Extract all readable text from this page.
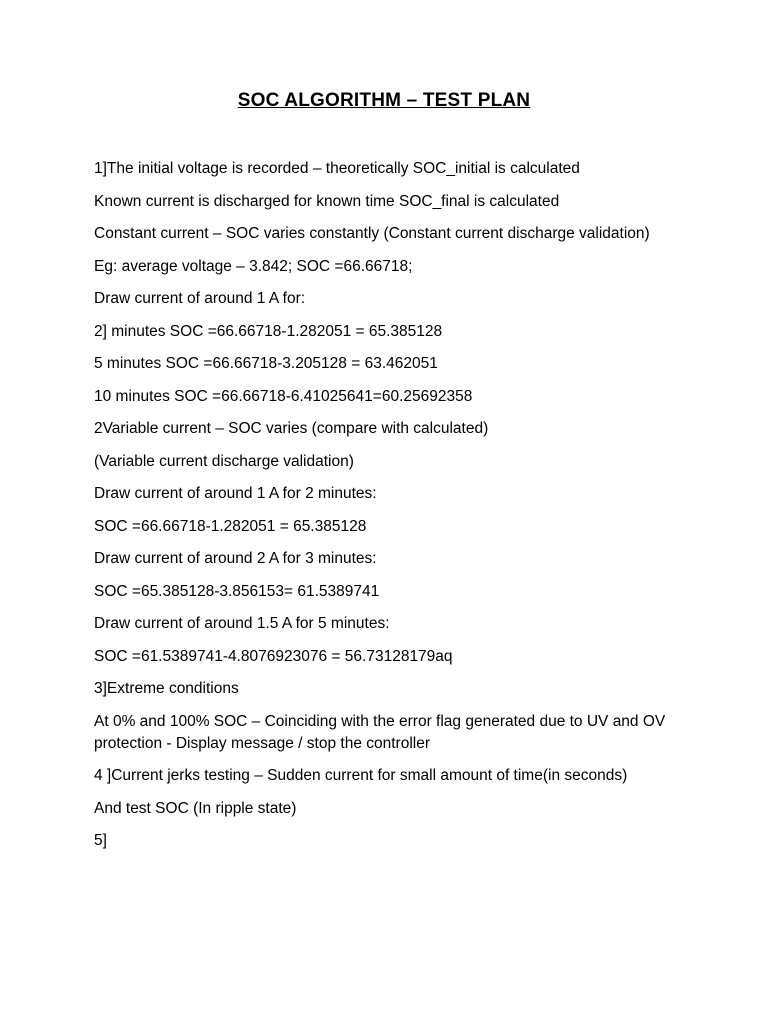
SOC ALGORITHM – TEST PLAN

1]The initial voltage is recorded – theoretically SOC_initial is calculated

Known current is discharged for known time SOC_final is calculated

Constant current – SOC varies constantly (Constant current discharge validation)

Eg: average voltage – 3.842; SOC =66.66718;

Draw current of around 1 A for:

2] minutes SOC =66.66718-1.282051 = 65.385128

5 minutes SOC =66.66718-3.205128 = 63.462051

10 minutes SOC =66.66718-6.41025641=60.25692358

2Variable current – SOC varies (compare with calculated)

(Variable current discharge validation)

Draw current of around 1 A for 2 minutes:

SOC =66.66718-1.282051 = 65.385128

Draw current of around 2 A for 3 minutes:

SOC =65.385128-3.856153= 61.5389741

Draw current of around 1.5 A for 5 minutes:

SOC =61.5389741-4.8076923076 = 56.73128179aq

3]Extreme conditions

At 0% and 100% SOC – Coinciding with the error flag generated due to UV and OV protection - Display message / stop the controller

4 ]Current jerks testing – Sudden current for small amount of time(in seconds)

And test SOC (In ripple state)

5]
